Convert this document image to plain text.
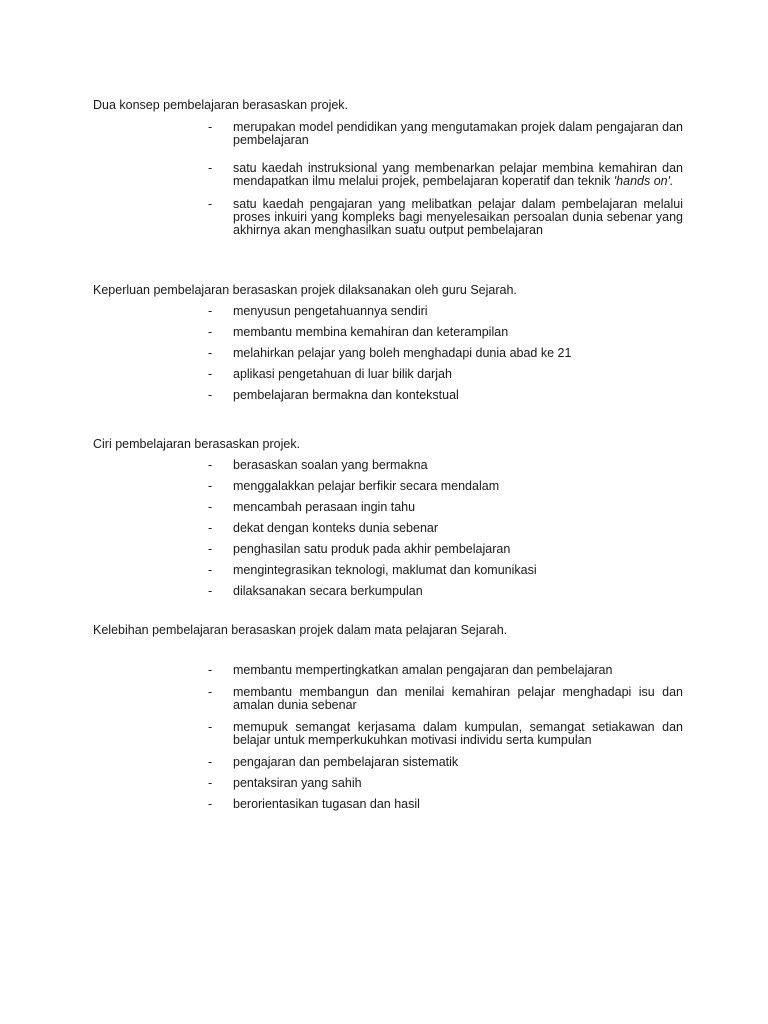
Dua konsep pembelajaran berasaskan projek.

- merupakan model pendidikan yang mengutamakan projek dalam pengajaran dan pembelajaran
- satu kaedah instruksional yang membenarkan pelajar membina kemahiran dan mendapatkan ilmu melalui projek, pembelajaran koperatif dan teknik 'hands on'.
- satu kaedah pengajaran yang melibatkan pelajar dalam pembelajaran melalui proses inkuiri yang kompleks bagi menyelesaikan persoalan dunia sebenar yang akhirnya akan menghasilkan suatu output pembelajaran

Keperluan pembelajaran berasaskan projek dilaksanakan oleh guru Sejarah.

- menyusun pengetahuannya sendiri
- membantu membina kemahiran dan keterampilan
- melahirkan pelajar yang boleh menghadapi dunia abad ke 21
- aplikasi pengetahuan di luar bilik darjah
- pembelajaran bermakna dan kontekstual

Ciri pembelajaran berasaskan projek.

- berasaskan soalan yang bermakna
- menggalakkan pelajar berfikir secara mendalam
- mencambah perasaan ingin tahu
- dekat dengan konteks dunia sebenar
- penghasilan satu produk pada akhir pembelajaran
- mengintegrasikan teknologi, maklumat dan komunikasi
- dilaksanakan secara berkumpulan

Kelebihan pembelajaran berasaskan projek dalam mata pelajaran Sejarah.

- membantu mempertingkatkan amalan pengajaran dan pembelajaran
- membantu membangun dan menilai kemahiran pelajar menghadapi isu dan amalan dunia sebenar
- memupuk semangat kerjasama dalam kumpulan, semangat setiakawan dan belajar untuk memperkukuhkan motivasi individu serta kumpulan
- pengajaran dan pembelajaran sistematik
- pentaksiran yang sahih
- berorientasikan tugasan dan hasil
